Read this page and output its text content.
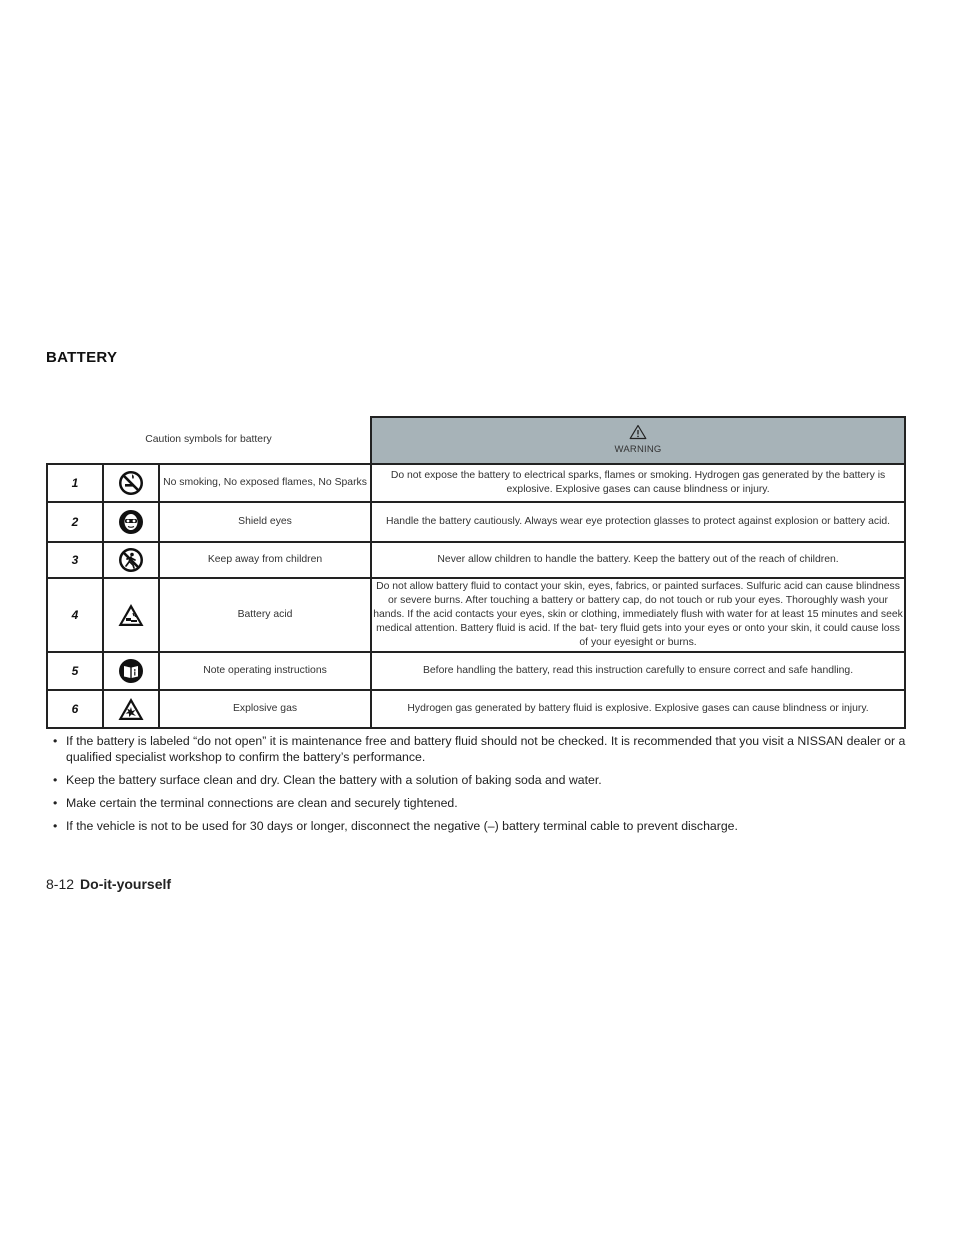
BATTERY
Caution symbols for battery			WARNING

1		No smoking, No exposed flames, No Sparks	Do not expose the battery to electrical sparks, flames or smoking. Hydrogen gas generated by the battery is explosive. Explosive gases can cause blindness or injury.
2		Shield eyes	Handle the battery cautiously. Always wear eye protection glasses to protect against explosion or battery acid.
3		Keep away from children	Never allow children to handle the battery. Keep the battery out of the reach of children.
4		Battery acid	Do not allow battery fluid to contact your skin, eyes, fabrics, or painted surfaces. Sulfuric acid can cause blindness or severe burns. After touching a battery or battery cap, do not touch or rub your eyes. Thoroughly wash your hands. If the acid contacts your eyes, skin or clothing, immediately flush with water for at least 15 minutes and seek medical attention. Battery fluid is acid. If the bat- tery fluid gets into your eyes or onto your skin, it could cause loss of your eyesight or burns.
5		Note operating instructions	Before handling the battery, read this instruction carefully to ensure correct and safe handling.
6		Explosive gas	Hydrogen gas generated by battery fluid is explosive. Explosive gases can cause blindness or injury.
• If the battery is labeled “do not open” it is maintenance free and battery fluid should not be checked. It is recommended that you visit a NISSAN dealer or a qualified specialist workshop to confirm the battery’s performance.
• Keep the battery surface clean and dry. Clean the battery with a solution of baking soda and water.
• Make certain the terminal connections are clean and securely tightened.
• If the vehicle is not to be used for 30 days or longer, disconnect the negative (–) battery terminal cable to prevent discharge.
8-12 Do-it-yourself
